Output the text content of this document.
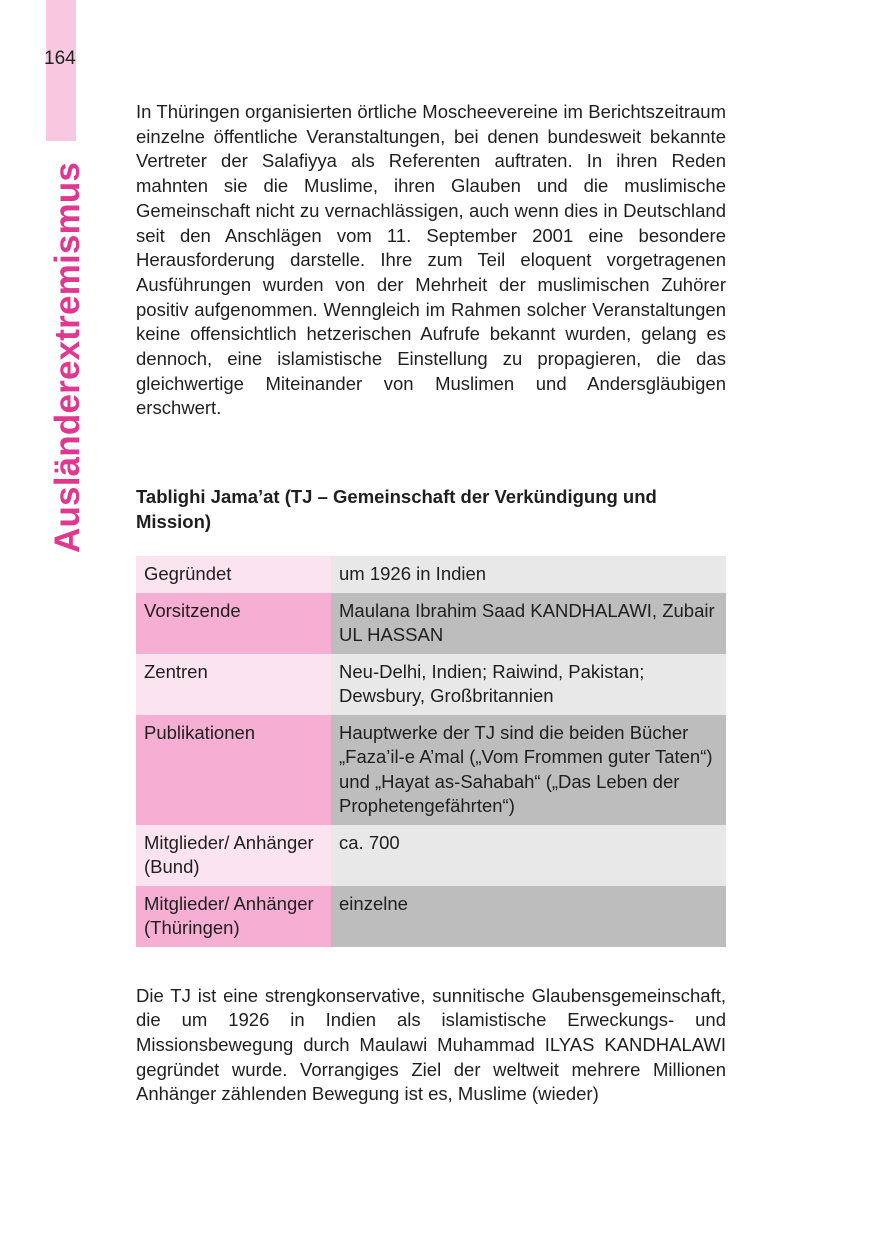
164
Ausländerextremismus

In Thüringen organisierten örtliche Moscheevereine im Berichtszeitraum einzelne öffentliche Veranstaltungen, bei denen bundesweit bekannte Vertreter der Salafiyya als Referenten auftraten. In ihren Reden mahnten sie die Muslime, ihren Glauben und die muslimische Gemeinschaft nicht zu vernachlässigen, auch wenn dies in Deutschland seit den Anschlägen vom 11. September 2001 eine besondere Herausforderung darstelle. Ihre zum Teil eloquent vorgetragenen Ausführungen wurden von der Mehrheit der muslimischen Zuhörer positiv aufgenommen. Wenngleich im Rahmen solcher Veranstaltungen keine offensichtlich hetzerischen Aufrufe bekannt wurden, gelang es dennoch, eine islamistische Einstellung zu propagieren, die das gleichwertige Miteinander von Muslimen und Andersgläubigen erschwert.

Tablighi Jama’at (TJ – Gemeinschaft der Verkündigung und Mission)
Gegründet	um 1926 in Indien
Vorsitzende	Maulana Ibrahim Saad KANDHALAWI, Zubair UL HASSAN
Zentren	Neu-Delhi, Indien; Raiwind, Pakistan; Dewsbury, Großbritannien
Publikationen	Hauptwerke der TJ sind die beiden Bücher „Faza’il-e A’mal („Vom Frommen guter Taten“) und „Hayat as-Sahabah“ („Das Leben der Prophetengefährten“)
Mitglieder/ Anhänger (Bund)	ca. 700
Mitglieder/ Anhänger (Thüringen)	einzelne

Die TJ ist eine strengkonservative, sunnitische Glaubensgemeinschaft, die um 1926 in Indien als islamistische Erweckungs- und Missionsbewegung durch Maulawi Muhammad ILYAS KANDHALAWI gegründet wurde. Vorrangiges Ziel der weltweit mehrere Millionen Anhänger zählenden Bewegung ist es, Muslime (wieder)
